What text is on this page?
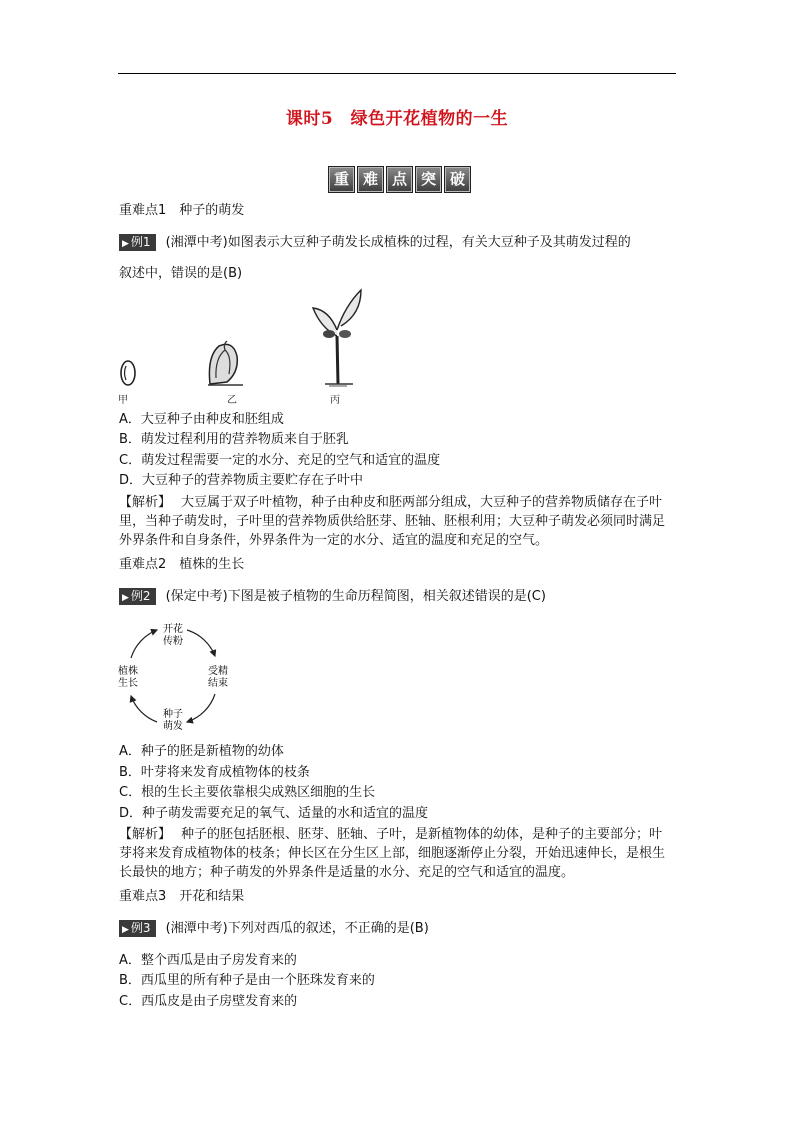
课时5　绿色开花植物的一生
重 难 点 突 破
重难点1　种子的萌发
▶ 例1 (湘潭中考)如图表示大豆种子萌发长成植株的过程，有关大豆种子及其萌发过程的
叙述中，错误的是(B)
甲	乙	丙
A．大豆种子由种皮和胚组成
B．萌发过程利用的营养物质来自于胚乳
C．萌发过程需要一定的水分、充足的空气和适宜的温度
D．大豆种子的营养物质主要贮存在子叶中
【解析】 大豆属于双子叶植物，种子由种皮和胚两部分组成，大豆种子的营养物质储存在子叶里，当种子萌发时，子叶里的营养物质供给胚芽、胚轴、胚根利用；大豆种子萌发必须同时满足外界条件和自身条件，外界条件为一定的水分、适宜的温度和充足的空气。
重难点2　植株的生长
▶ 例2 (保定中考)下图是被子植物的生命历程简图，相关叙述错误的是(C)
开花
传粉
受精
结束
种子
萌发
植株
生长
A．种子的胚是新植物的幼体
B．叶芽将来发育成植物体的枝条
C．根的生长主要依靠根尖成熟区细胞的生长
D．种子萌发需要充足的氧气、适量的水和适宜的温度
【解析】 种子的胚包括胚根、胚芽、胚轴、子叶，是新植物体的幼体，是种子的主要部分；叶芽将来发育成植物体的枝条；伸长区在分生区上部，细胞逐渐停止分裂，开始迅速伸长，是根生长最快的地方；种子萌发的外界条件是适量的水分、充足的空气和适宜的温度。
重难点3　开花和结果
▶ 例3 (湘潭中考)下列对西瓜的叙述，不正确的是(B)
A．整个西瓜是由子房发育来的
B．西瓜里的所有种子是由一个胚珠发育来的
C．西瓜皮是由子房壁发育来的
